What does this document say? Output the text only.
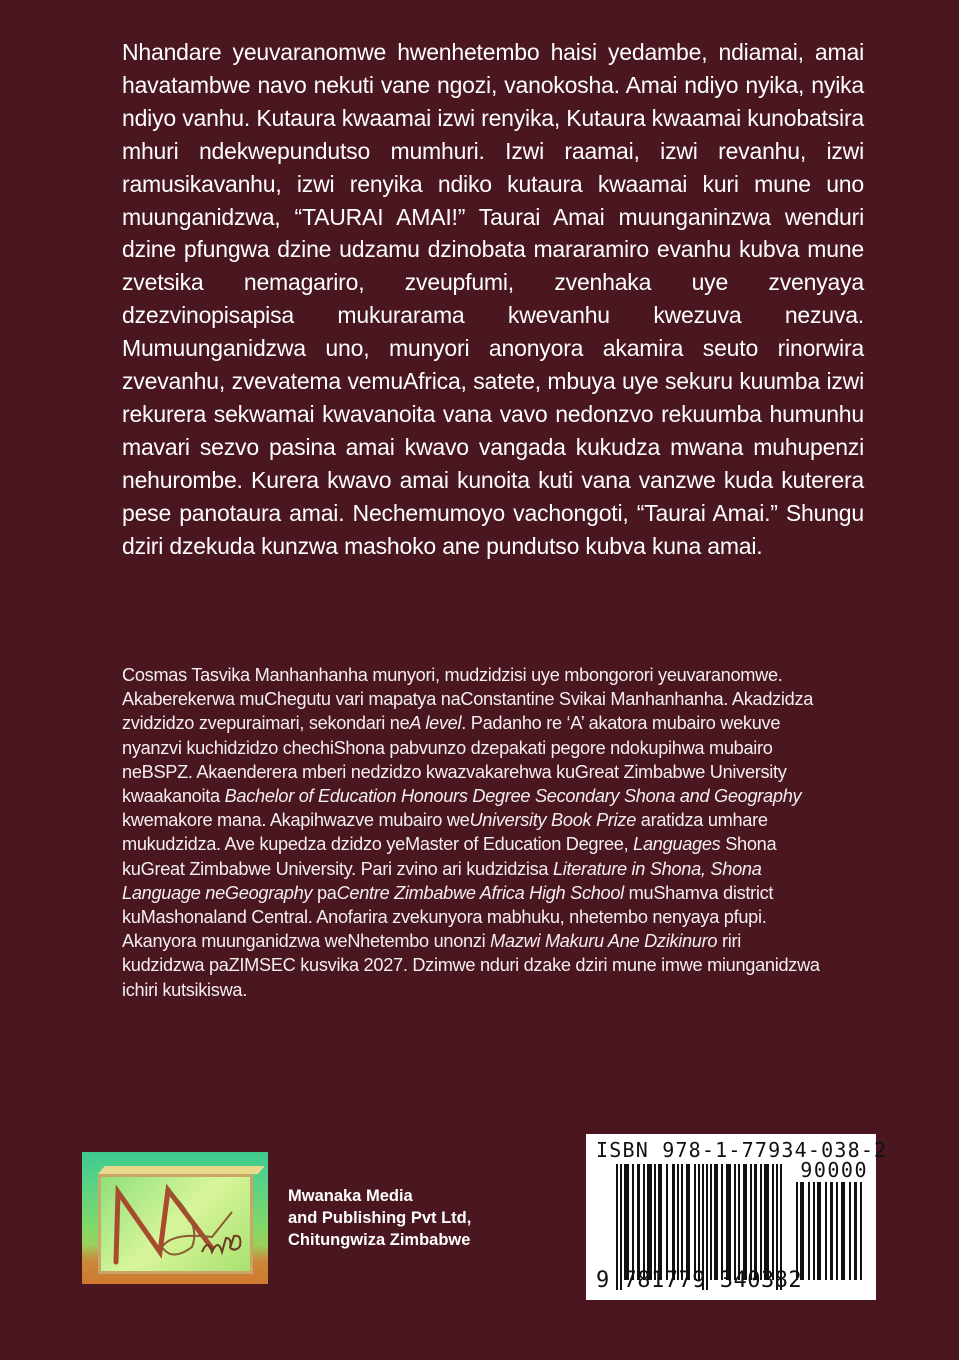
Nhandare yeuvaranomwe hwenhetembo haisi yedambe, ndiamai, amai havatambwe navo nekuti vane ngozi, vanokosha. Amai ndiyo nyika, nyika ndiyo vanhu. Kutaura kwaamai izwi renyika, Kutaura kwaamai kunobatsira mhuri ndekwepundutso mumhuri. Izwi raamai, izwi revanhu, izwi ramusikavanhu, izwi renyika ndiko kutaura kwaamai kuri mune uno muunganidzwa, “TAURAI AMAI!” Taurai Amai muunganinzwa wenduri dzine pfungwa dzine udzamu dzinobata mararamiro evanhu kubva mune zvetsika nemagariro, zveupfumi, zvenhaka uye zvenyaya dzezvinopisapisa mukurarama kwevanhu kwezuva nezuva. Mumuunganidzwa uno, munyori anonyora akamira seuto rinorwira zvevanhu, zvevatema vemuAfrica, satete, mbuya uye sekuru kuumba izwi rekurera sekwamai kwavanoita vana vavo nedonzvo rekuumba humunhu mavari sezvo pasina amai kwavo vangada kukudza mwana muhupenzi nehurombe. Kurera kwavo amai kunoita kuti vana vanzwe kuda kuterera pese panotaura amai. Nechemumoyo vachongoti, “Taurai Amai.” Shungu dziri dzekuda kunzwa mashoko ane pundutso kubva kuna amai.

Cosmas Tasvika Manhanhanha munyori, mudzidzisi uye mbongorori yeuvaranomwe. Akaberekerwa muChegutu vari mapatya naConstantine Svikai Manhanhanha. Akadzidza zvidzidzo zvepuraimari, sekondari neA level. Padanho re ‘A’ akatora mubairo wekuve nyanzvi kuchidzidzo chechiShona pabvunzo dzepakati pegore ndokupihwa mubairo neBSPZ. Akaenderera mberi nedzidzo kwazvakarehwa kuGreat Zimbabwe University kwaakanoita Bachelor of Education Honours Degree Secondary Shona and Geography kwemakore mana. Akapihwazve mubairo weUniversity Book Prize aratidza umhare mukudzidza. Ave kupedza dzidzo yeMaster of Education Degree, Languages Shona kuGreat Zimbabwe University. Pari zvino ari kudzidzisa Literature in Shona, Shona Language neGeography paCentre Zimbabwe Africa High School muShamva district kuMashonaland Central. Anofarira zvekunyora mabhuku, nhetembo nenyaya pfupi. Akanyora muunganidzwa weNhetembo unonzi Mazwi Makuru Ane Dzikinuro riri kudzidzwa paZIMSEC kusvika 2027. Dzimwe nduri dzake dziri mune imwe miunganidzwa ichiri kutsikiswa.

Mwanaka Media
and Publishing Pvt Ltd,
Chitungwiza Zimbabwe
ISBN 978-1-77934-038-2
90000
9 781779 340382
